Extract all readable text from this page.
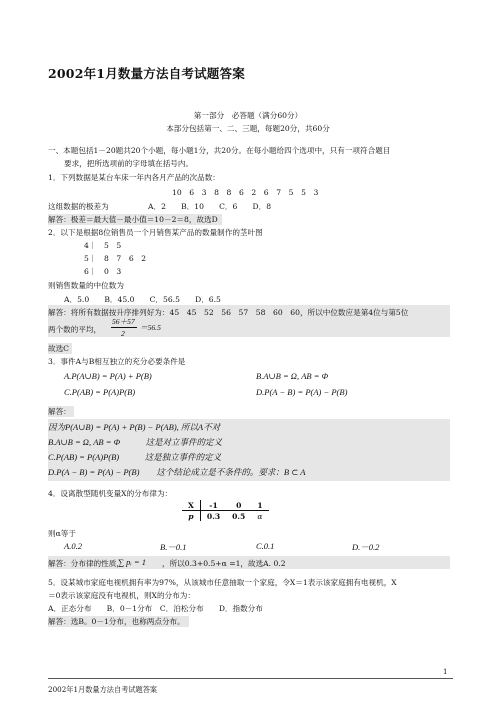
2002年1月数量方法自考试题答案
第一部分　必答题（满分60分）
本部分包括第一、二、三题，每题20分，共60分
一、本题包括1－20题共20个小题，每小题1分，共20分。在每小题给四个选项中，只有一项符合题目
要求，把所选项前的字母填在括号内。
1．下列数据是某台车床一年内各月产品的次品数：
10　6　3　8　8　6　2　6　7　5　5　3
这组数据的极差为	A．2　　B．10　　C．6　　D．8
解答：极差＝最大值－最小值＝10－2＝8，故选D
2．以下是根据8位销售员一个月销售某产品的数量制作的茎叶图
4｜ 5　5
5｜ 8　7　6　2
6｜ 0　3
则销售数量的中位数为
A．5.0　　B．45.0　　C．56.5　　D．6.5
解答：将所有数据按升序排列好为：45　45　52　56　57　58　60　60，所以中位数应是第4位与第5位
两个数的平均，
56＋57
2
＝56.5
故选C
3．事件A与B相互独立的充分必要条件是
A.P(A∪B) = P(A) + P(B)	B.A∪B = Ω, AB = Φ
C.P(AB) = P(A)P(B)	D.P(A − B) = P(A) − P(B)
解答：
因为P(A∪B) = P(A) + P(B) − P(AB), 所以A不对
B.A∪B = Ω, AB = Φ　　　这是对立事件的定义
C.P(AB) = P(A)P(B)　　　这是独立事件的定义
D.P(A − B) = P(A) − P(B)　　这个结论成立是不条件的。要求：B ⊂ A
4．设离散型随机变量X的分布律为：
X	-1	0	1
p	0.3	0.5	α
则α等于
A.0.2	B.－0.1	C.0.1	D.－0.2
解答：分布律的性质，
∑ pᵢ = 1 ，所以0.3+0.5+α =1，故选A. 0.2
5．设某城市家庭电视机拥有率为97%，从该城市任意抽取一个家庭，令X＝1表示该家庭拥有电视机，X
＝0表示该家庭没有电视机，则X的分布为：
A．正态分布　　B．0－1分布　C．泊松分布　　D．指数分布
解答：选B。0－1分布，也称两点分布。
1
2002年1月数量方法自考试题答案
